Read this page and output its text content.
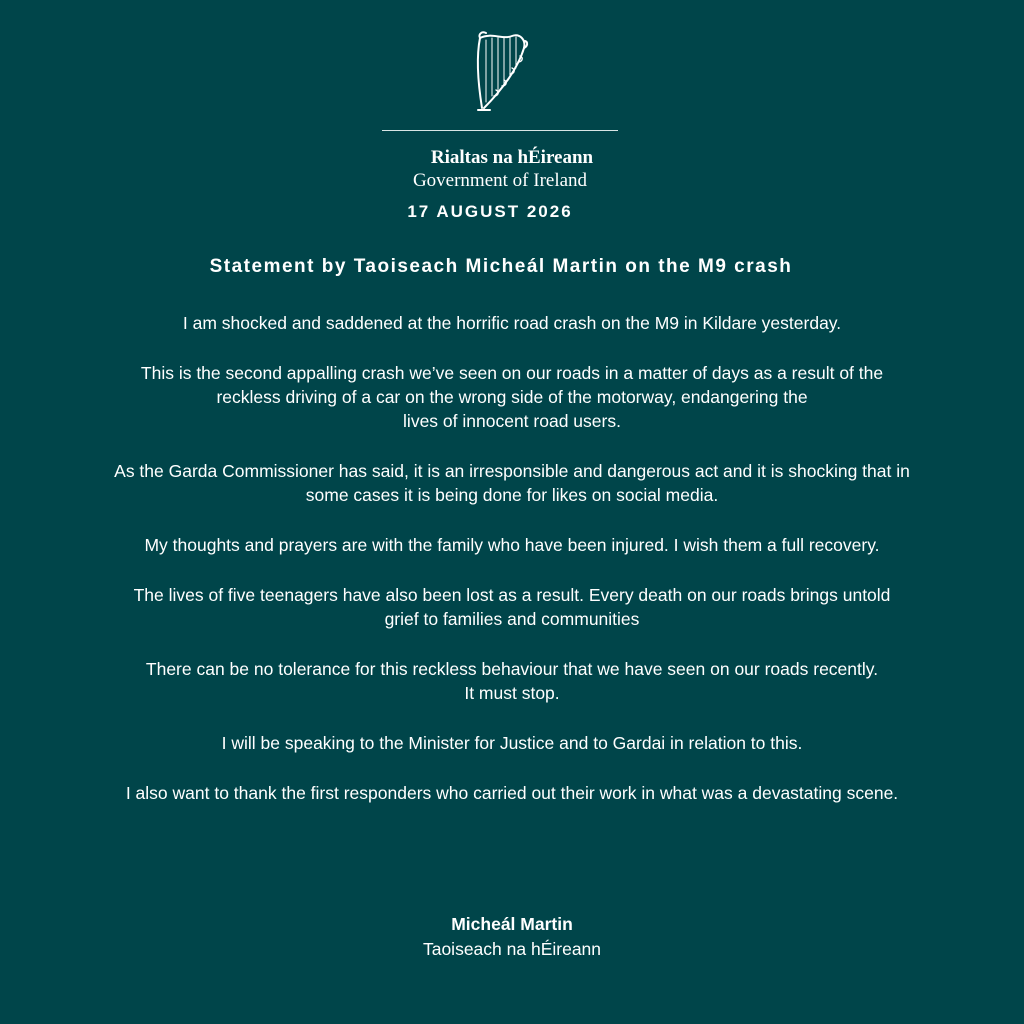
Rialtas na hÉireann
Government of Ireland
17 AUGUST 2026
Statement by Taoiseach Micheál Martin on the M9 crash

I am shocked and saddened at the horrific road crash on the M9 in Kildare yesterday.

This is the second appalling crash we’ve seen on our roads in a matter of days as a result of the
reckless driving of a car on the wrong side of the motorway, endangering the
lives of innocent road users.

As the Garda Commissioner has said, it is an irresponsible and dangerous act and it is shocking that in
some cases it is being done for likes on social media.

My thoughts and prayers are with the family who have been injured. I wish them a full recovery.

The lives of five teenagers have also been lost as a result. Every death on our roads brings untold
grief to families and communities

There can be no tolerance for this reckless behaviour that we have seen on our roads recently.
It must stop.

I will be speaking to the Minister for Justice and to Gardai in relation to this.

I also want to thank the first responders who carried out their work in what was a devastating scene.

Micheál Martin
Taoiseach na hÉireann
